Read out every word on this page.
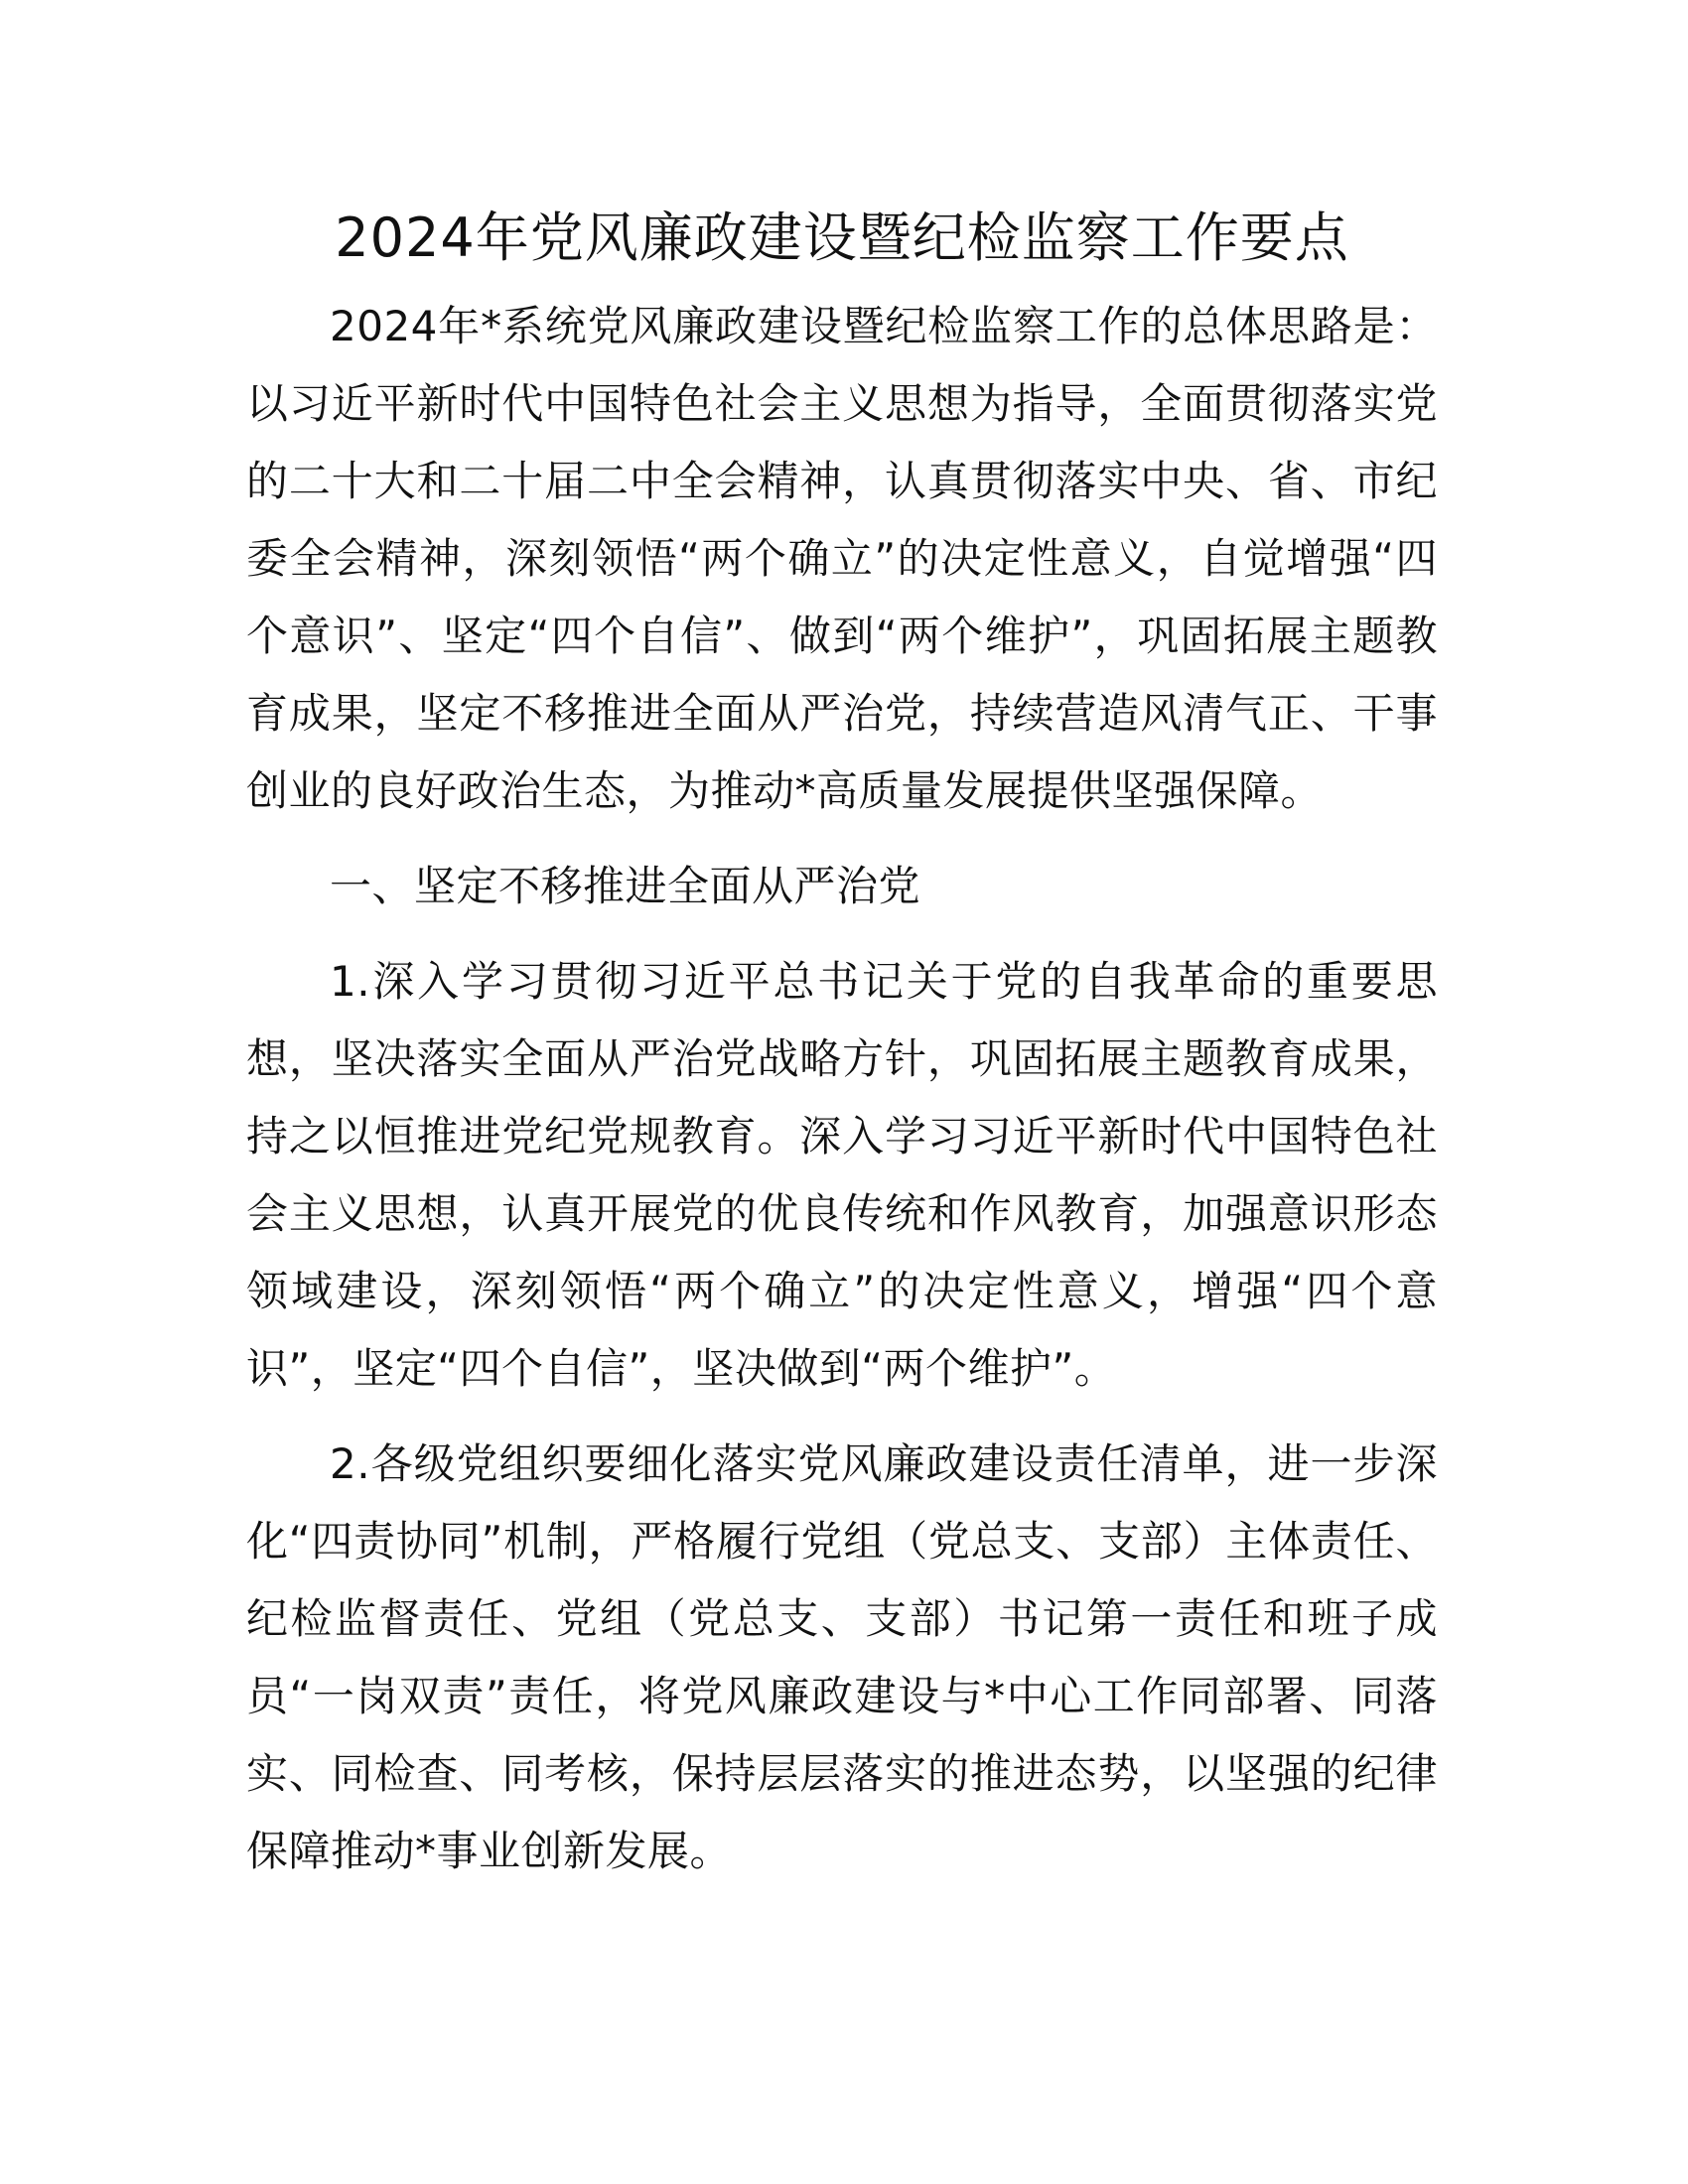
2024年党风廉政建设暨纪检监察工作要点

2024年*系统党风廉政建设暨纪检监察工作的总体思路是：以习近平新时代中国特色社会主义思想为指导，全面贯彻落实党的二十大和二十届二中全会精神，认真贯彻落实中央、省、市纪委全会精神，深刻领悟“两个确立”的决定性意义，自觉增强“四个意识”、坚定“四个自信”、做到“两个维护”，巩固拓展主题教育成果，坚定不移推进全面从严治党，持续营造风清气正、干事创业的良好政治生态，为推动*高质量发展提供坚强保障。

一、坚定不移推进全面从严治党

1.深入学习贯彻习近平总书记关于党的自我革命的重要思想，坚决落实全面从严治党战略方针，巩固拓展主题教育成果，持之以恒推进党纪党规教育。深入学习习近平新时代中国特色社会主义思想，认真开展党的优良传统和作风教育，加强意识形态领域建设，深刻领悟“两个确立”的决定性意义，增强“四个意识”，坚定“四个自信”，坚决做到“两个维护”。

2.各级党组织要细化落实党风廉政建设责任清单，进一步深化“四责协同”机制，严格履行党组（党总支、支部）主体责任、纪检监督责任、党组（党总支、支部）书记第一责任和班子成员“一岗双责”责任，将党风廉政建设与*中心工作同部署、同落实、同检查、同考核，保持层层落实的推进态势，以坚强的纪律保障推动*事业创新发展。
